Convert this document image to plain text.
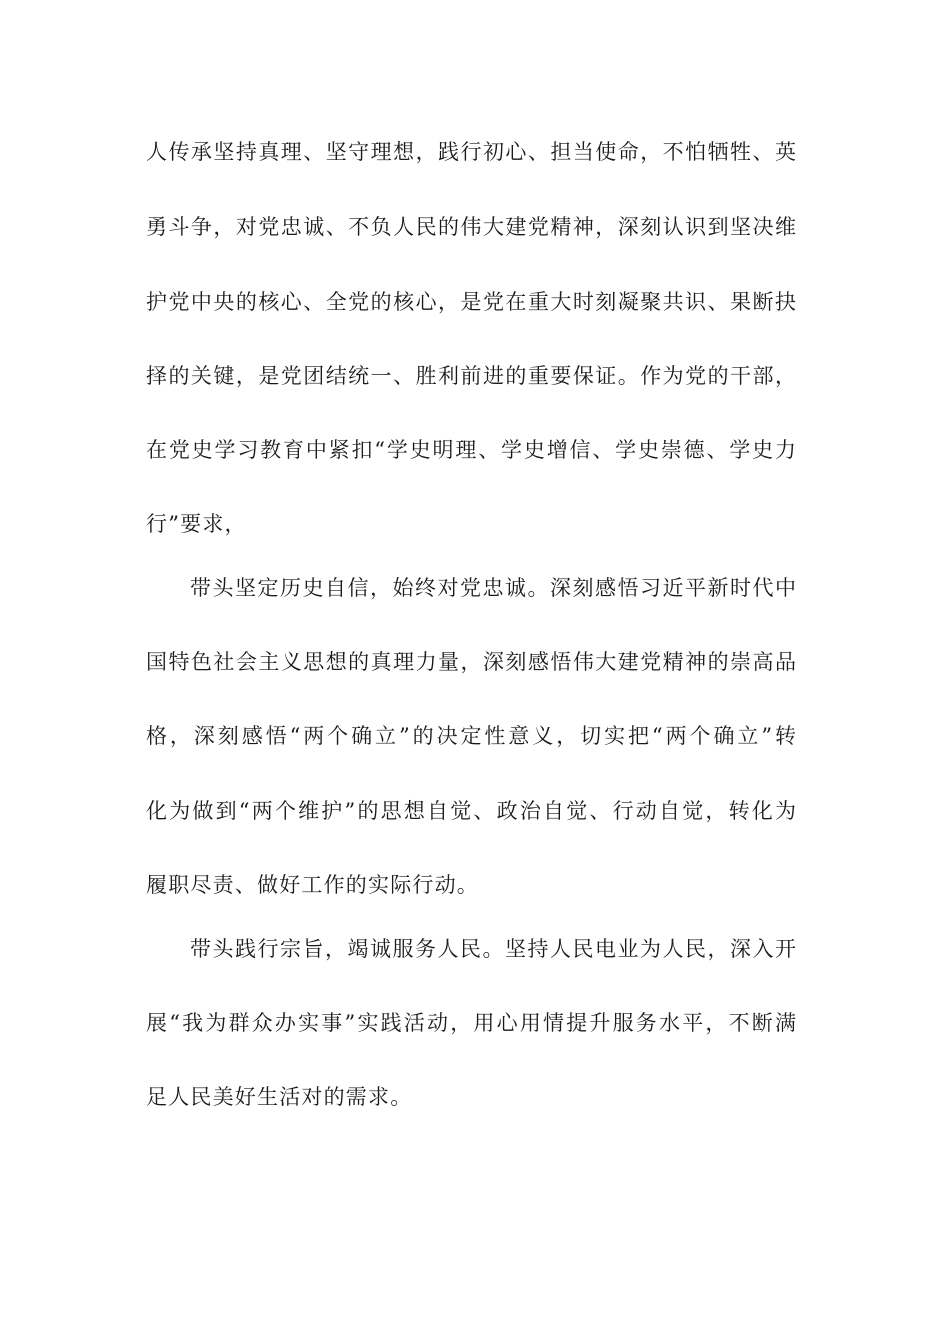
人传承坚持真理、坚守理想，践行初心、担当使命，不怕牺牲、英
勇斗争，对党忠诚、不负人民的伟大建党精神，深刻认识到坚决维
护党中央的核心、全党的核心，是党在重大时刻凝聚共识、果断抉
择的关键，是党团结统一、胜利前进的重要保证。作为党的干部，
在党史学习教育中紧扣“学史明理、学史增信、学史崇德、学史力
行”要求，
带头坚定历史自信，始终对党忠诚。深刻感悟习近平新时代中
国特色社会主义思想的真理力量，深刻感悟伟大建党精神的崇高品
格，深刻感悟“两个确立”的决定性意义，切实把“两个确立”转
化为做到“两个维护”的思想自觉、政治自觉、行动自觉，转化为
履职尽责、做好工作的实际行动。
带头践行宗旨，竭诚服务人民。坚持人民电业为人民，深入开
展“我为群众办实事”实践活动，用心用情提升服务水平，不断满
足人民美好生活对的需求。
